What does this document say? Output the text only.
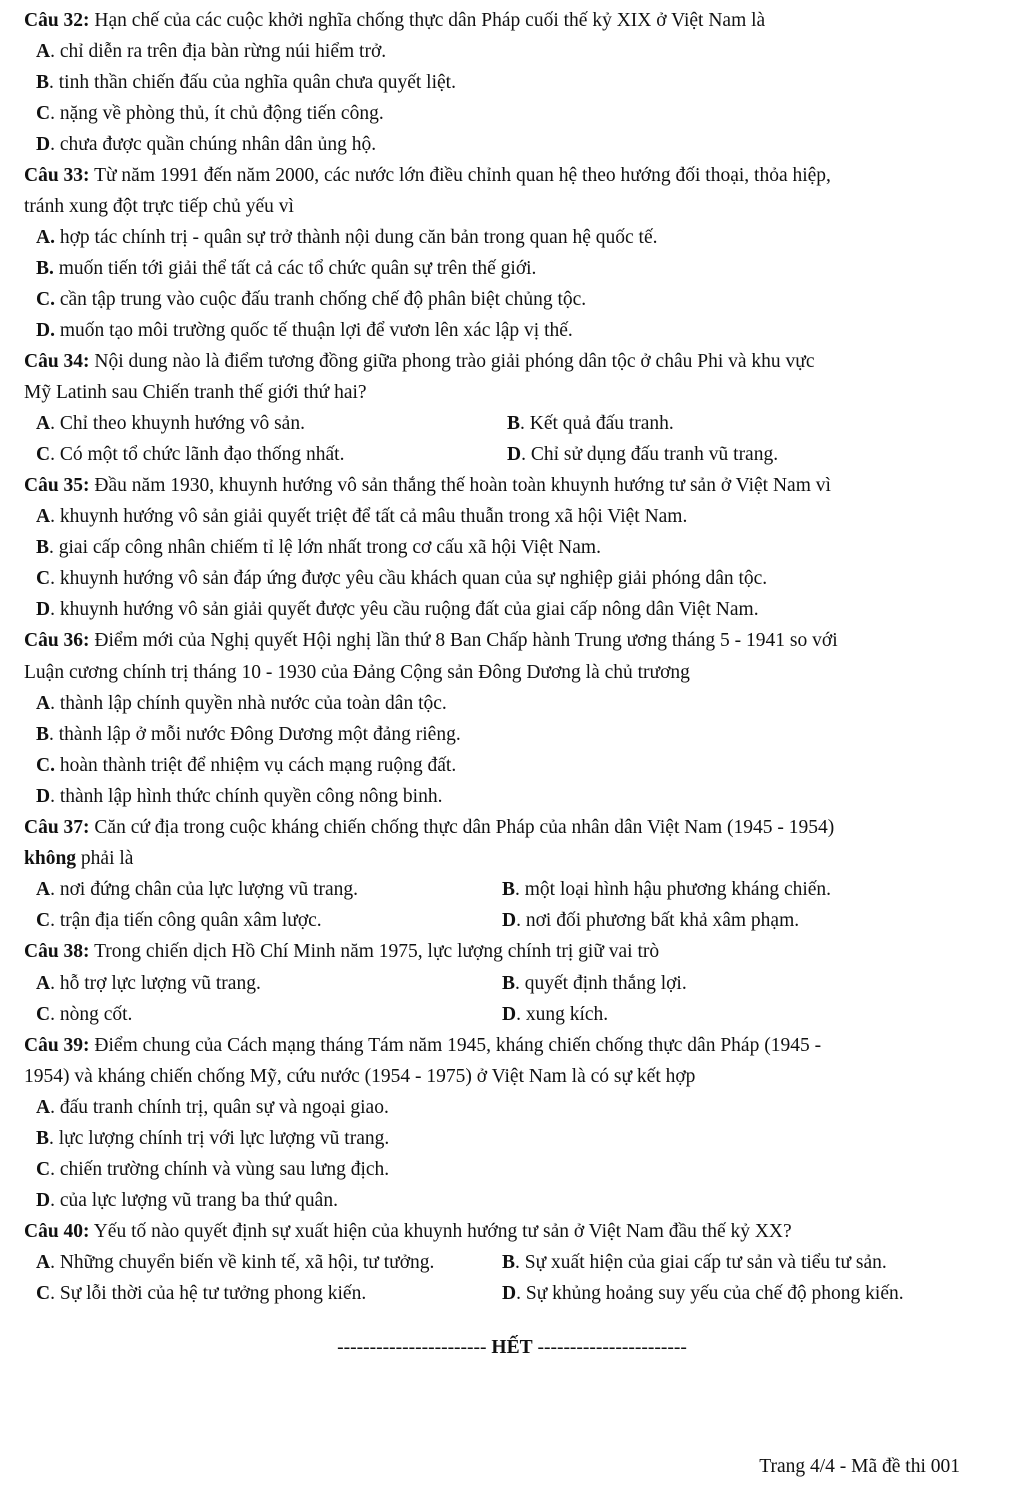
Câu 32: Hạn chế của các cuộc khởi nghĩa chống thực dân Pháp cuối thế kỷ XIX ở Việt Nam là
A. chỉ diễn ra trên địa bàn rừng núi hiểm trở.
B. tinh thần chiến đấu của nghĩa quân chưa quyết liệt.
C. nặng về phòng thủ, ít chủ động tiến công.
D. chưa được quần chúng nhân dân ủng hộ.
Câu 33: Từ năm 1991 đến năm 2000, các nước lớn điều chỉnh quan hệ theo hướng đối thoại, thỏa hiệp,
tránh xung đột trực tiếp chủ yếu vì
A. hợp tác chính trị - quân sự trở thành nội dung căn bản trong quan hệ quốc tế.
B. muốn tiến tới giải thể tất cả các tổ chức quân sự trên thế giới.
C. cần tập trung vào cuộc đấu tranh chống chế độ phân biệt chủng tộc.
D. muốn tạo môi trường quốc tế thuận lợi để vươn lên xác lập vị thế.
Câu 34: Nội dung nào là điểm tương đồng giữa phong trào giải phóng dân tộc ở châu Phi và khu vực
Mỹ Latinh sau Chiến tranh thế giới thứ hai?
A. Chỉ theo khuynh hướng vô sản.	B. Kết quả đấu tranh.
C. Có một tổ chức lãnh đạo thống nhất.	D. Chỉ sử dụng đấu tranh vũ trang.
Câu 35: Đầu năm 1930, khuynh hướng vô sản thắng thế hoàn toàn khuynh hướng tư sản ở Việt Nam vì
A. khuynh hướng vô sản giải quyết triệt để tất cả mâu thuẫn trong xã hội Việt Nam.
B. giai cấp công nhân chiếm tỉ lệ lớn nhất trong cơ cấu xã hội Việt Nam.
C. khuynh hướng vô sản đáp ứng được yêu cầu khách quan của sự nghiệp giải phóng dân tộc.
D. khuynh hướng vô sản giải quyết được yêu cầu ruộng đất của giai cấp nông dân Việt Nam.
Câu 36: Điểm mới của Nghị quyết Hội nghị lần thứ 8 Ban Chấp hành Trung ương tháng 5 - 1941 so với
Luận cương chính trị tháng 10 - 1930 của Đảng Cộng sản Đông Dương là chủ trương
A. thành lập chính quyền nhà nước của toàn dân tộc.
B. thành lập ở mỗi nước Đông Dương một đảng riêng.
C. hoàn thành triệt để nhiệm vụ cách mạng ruộng đất.
D. thành lập hình thức chính quyền công nông binh.
Câu 37: Căn cứ địa trong cuộc kháng chiến chống thực dân Pháp của nhân dân Việt Nam (1945 - 1954)
không phải là
A. nơi đứng chân của lực lượng vũ trang.	B. một loại hình hậu phương kháng chiến.
C. trận địa tiến công quân xâm lược.	D. nơi đối phương bất khả xâm phạm.
Câu 38: Trong chiến dịch Hồ Chí Minh năm 1975, lực lượng chính trị giữ vai trò
A. hỗ trợ lực lượng vũ trang.	B. quyết định thắng lợi.
C. nòng cốt.	D. xung kích.
Câu 39: Điểm chung của Cách mạng tháng Tám năm 1945, kháng chiến chống thực dân Pháp (1945 -
1954) và kháng chiến chống Mỹ, cứu nước (1954 - 1975) ở Việt Nam là có sự kết hợp
A. đấu tranh chính trị, quân sự và ngoại giao.
B. lực lượng chính trị với lực lượng vũ trang.
C. chiến trường chính và vùng sau lưng địch.
D. của lực lượng vũ trang ba thứ quân.
Câu 40: Yếu tố nào quyết định sự xuất hiện của khuynh hướng tư sản ở Việt Nam đầu thế kỷ XX?
A. Những chuyển biến về kinh tế, xã hội, tư tưởng.	B. Sự xuất hiện của giai cấp tư sản và tiểu tư sản.
C. Sự lỗi thời của hệ tư tưởng phong kiến.	D. Sự khủng hoảng suy yếu của chế độ phong kiến.
----------------------- HẾT -----------------------
Trang 4/4 - Mã đề thi 001
